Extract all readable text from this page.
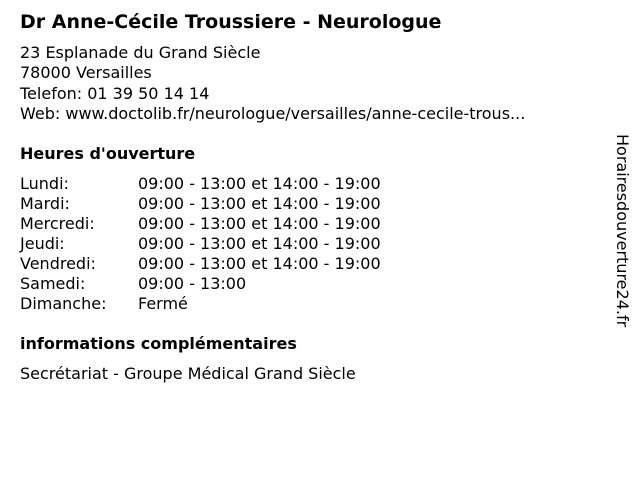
Dr Anne-Cécile Troussiere - Neurologue
23 Esplanade du Grand Siècle
78000 Versailles
Telefon: 01 39 50 14 14
Web: www.doctolib.fr/neurologue/versailles/anne-cecile-trous...
Heures d'ouverture
Lundi:	09:00 - 13:00 et 14:00 - 19:00
Mardi:	09:00 - 13:00 et 14:00 - 19:00
Mercredi:	09:00 - 13:00 et 14:00 - 19:00
Jeudi:	09:00 - 13:00 et 14:00 - 19:00
Vendredi:	09:00 - 13:00 et 14:00 - 19:00
Samedi:	09:00 - 13:00
Dimanche: Fermé
informations complémentaires
Secrétariat - Groupe Médical Grand Siècle
Horairesdouverture24.fr
